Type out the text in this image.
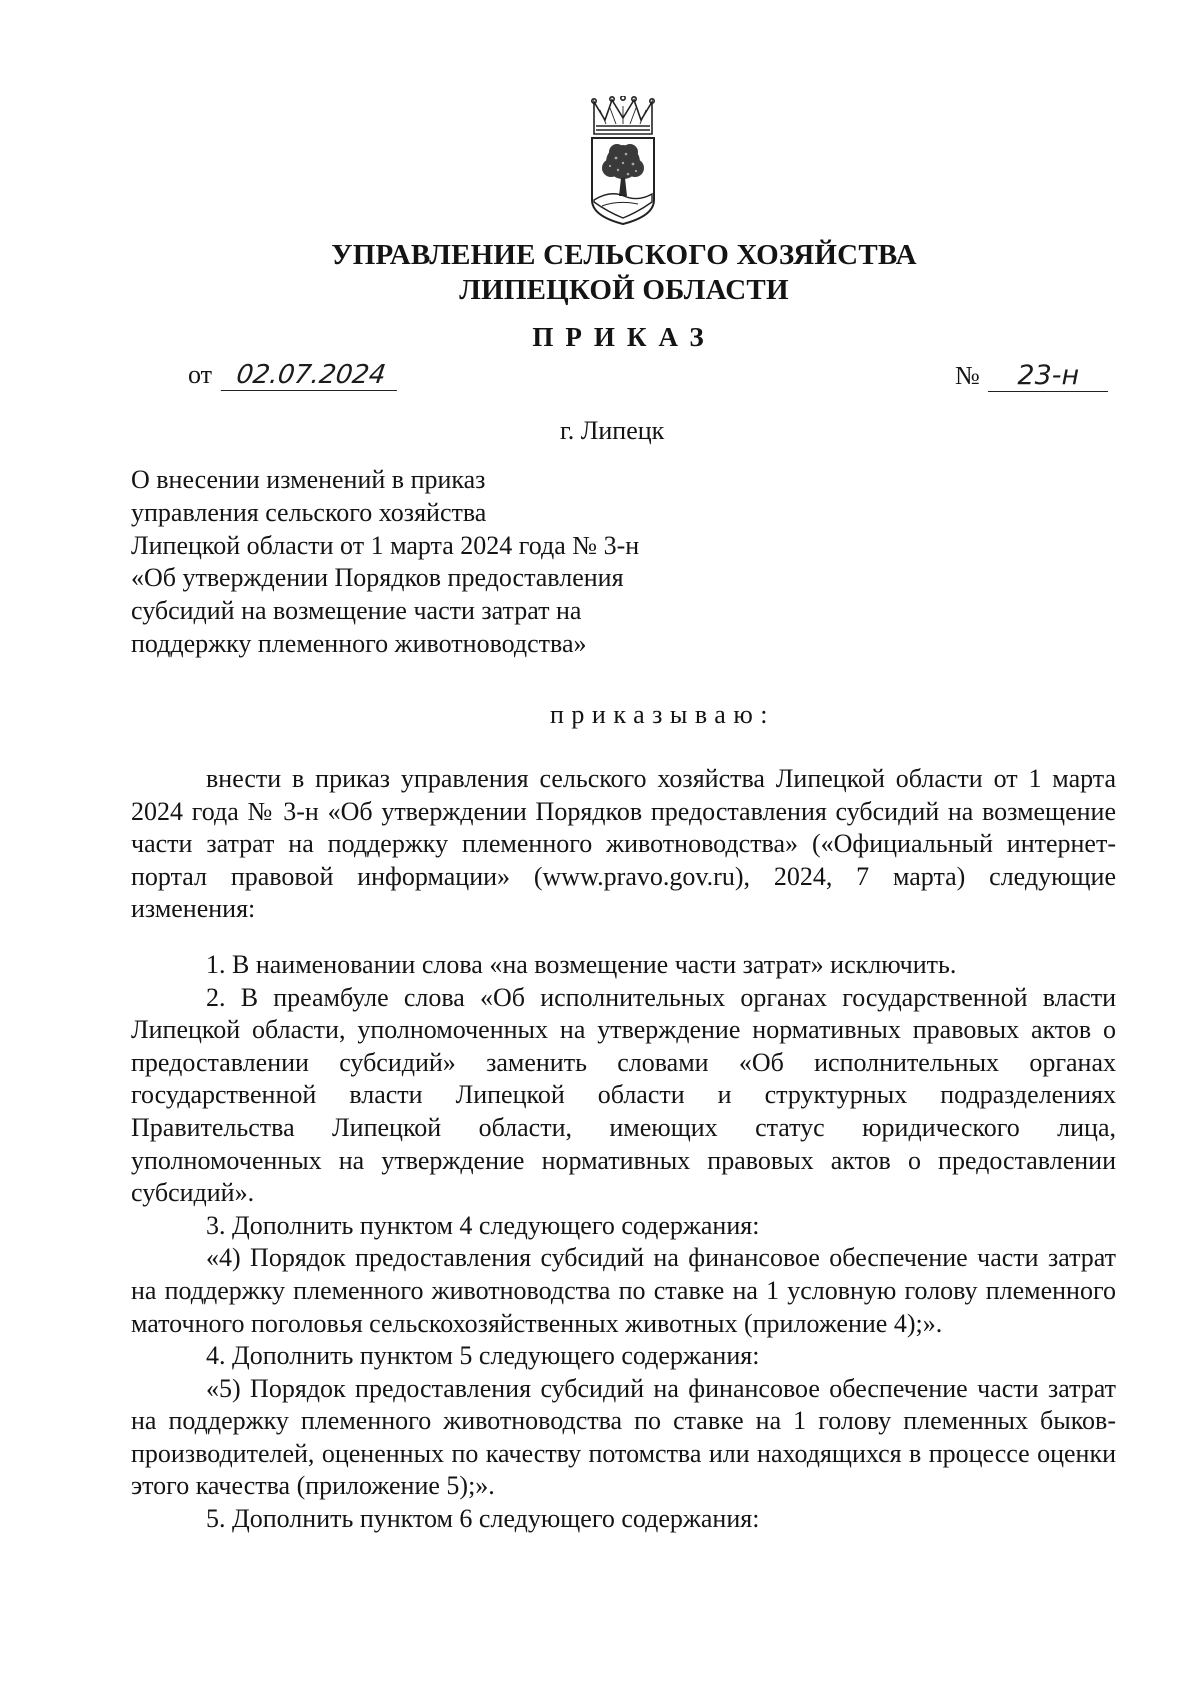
УПРАВЛЕНИЕ СЕЛЬСКОГО ХОЗЯЙСТВА
ЛИПЕЦКОЙ ОБЛАСТИ
ПРИКАЗ
от 02.07.2024	№ 23-н
г. Липецк
О внесении изменений в приказ
управления сельского хозяйства
Липецкой области от 1 марта 2024 года № 3-н
«Об утверждении Порядков предоставления
субсидий на возмещение части затрат на
поддержку племенного животноводства»
приказываю:

внести в приказ управления сельского хозяйства Липецкой области от 1 марта 2024 года № 3-н «Об утверждении Порядков предоставления субсидий на возмещение части затрат на поддержку племенного животноводства» («Официальный интернет-портал правовой информации» (www.pravo.gov.ru), 2024, 7 марта) следующие изменения:

1. В наименовании слова «на возмещение части затрат» исключить.

2. В преамбуле слова «Об исполнительных органах государственной власти Липецкой области, уполномоченных на утверждение нормативных правовых актов о предоставлении субсидий» заменить словами «Об исполнительных органах государственной власти Липецкой области и структурных подразделениях Правительства Липецкой области, имеющих статус юридического лица, уполномоченных на утверждение нормативных правовых актов о предоставлении субсидий».

3. Дополнить пунктом 4 следующего содержания:

«4) Порядок предоставления субсидий на финансовое обеспечение части затрат на поддержку племенного животноводства по ставке на 1 условную голову племенного маточного поголовья сельскохозяйственных животных (приложение 4);».

4. Дополнить пунктом 5 следующего содержания:

«5) Порядок предоставления субсидий на финансовое обеспечение части затрат на поддержку племенного животноводства по ставке на 1 голову племенных быков-производителей, оцененных по качеству потомства или находящихся в процессе оценки этого качества (приложение 5);».

5. Дополнить пунктом 6 следующего содержания:
